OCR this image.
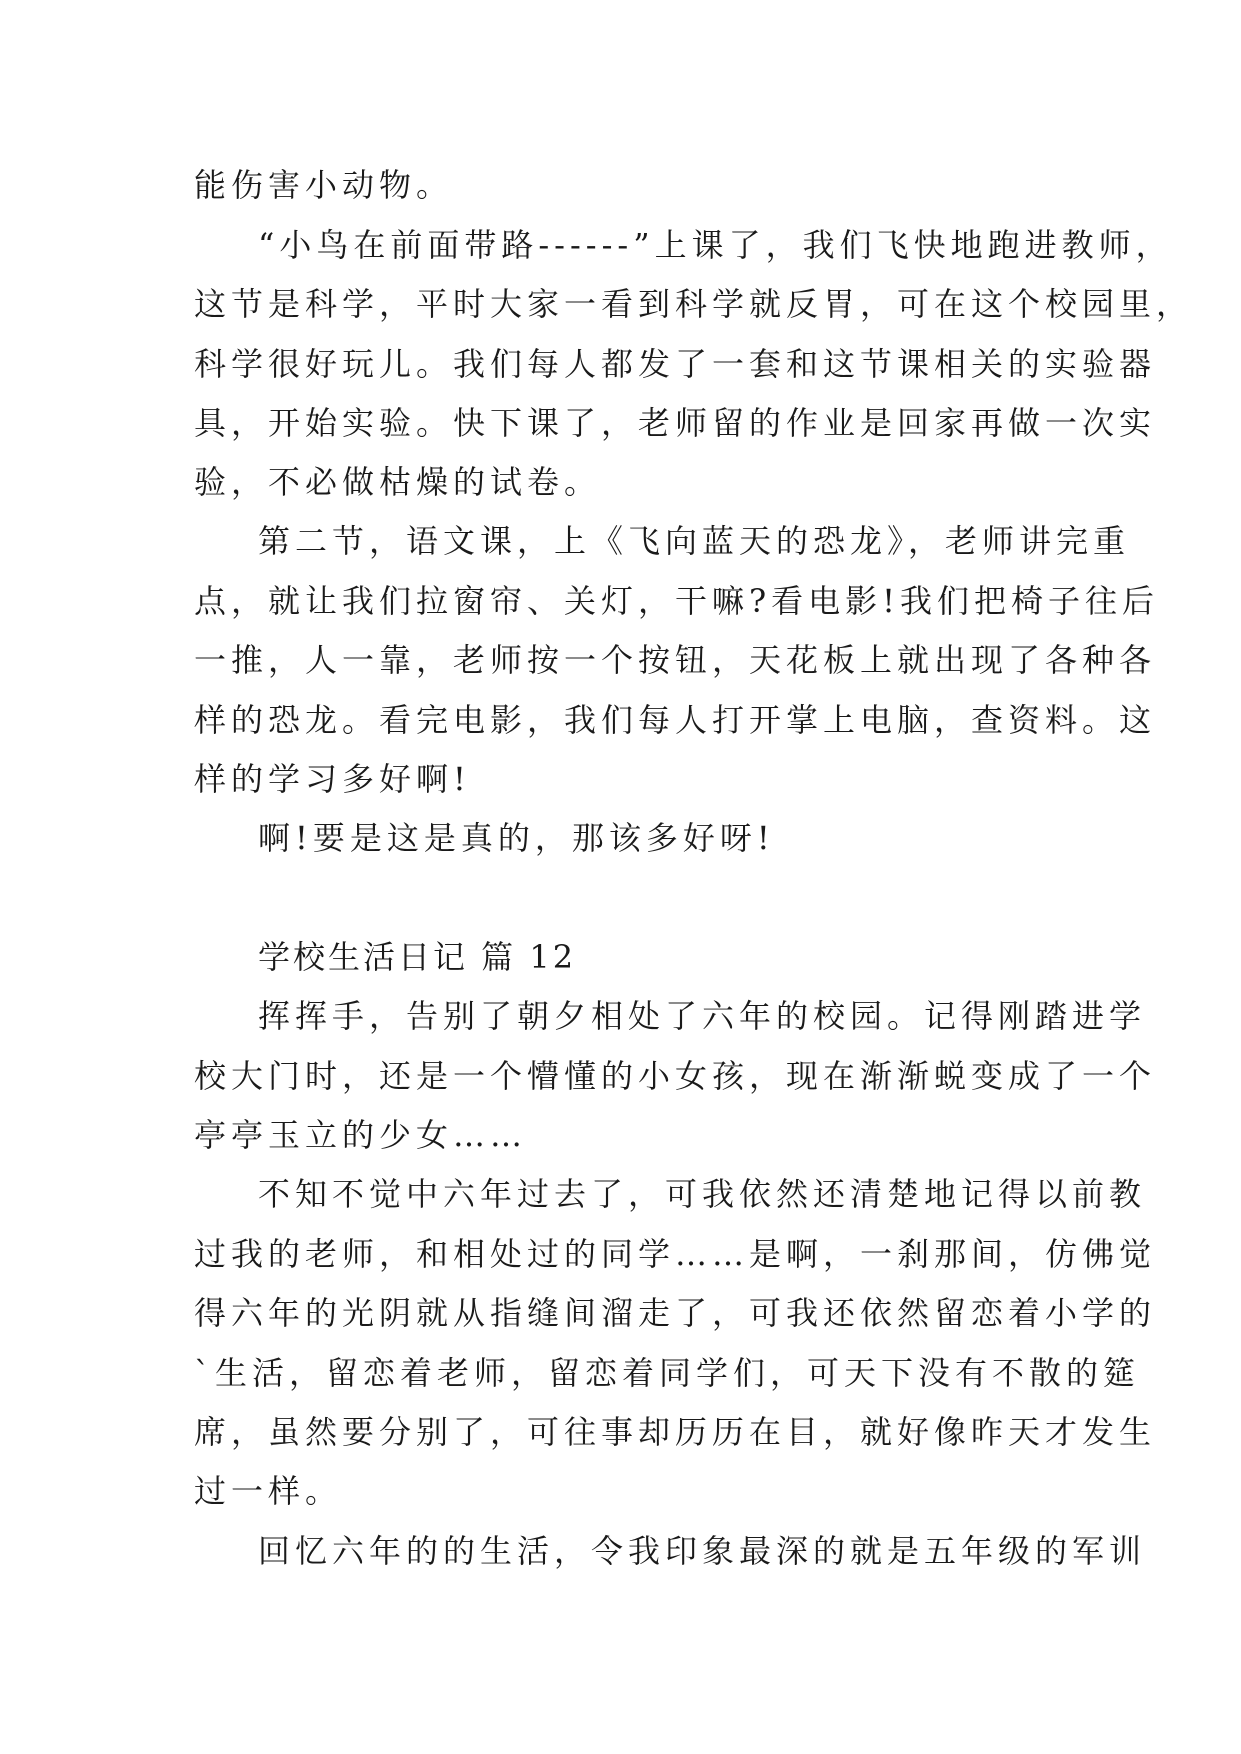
能伤害小动物。
“小鸟在前面带路------”上课了，我们飞快地跑进教师，
这节是科学，平时大家一看到科学就反胃，可在这个校园里，
科学很好玩儿。我们每人都发了一套和这节课相关的实验器
具，开始实验。快下课了，老师留的作业是回家再做一次实
验，不必做枯燥的试卷。
第二节，语文课，上《飞向蓝天的恐龙》，老师讲完重
点，就让我们拉窗帘、关灯，干嘛?看电影!我们把椅子往后
一推，人一靠，老师按一个按钮，天花板上就出现了各种各
样的恐龙。看完电影，我们每人打开掌上电脑，查资料。这
样的学习多好啊!
啊!要是这是真的，那该多好呀!
学校生活日记 篇 12
挥挥手，告别了朝夕相处了六年的校园。记得刚踏进学
校大门时，还是一个懵懂的小女孩，现在渐渐蜕变成了一个
亭亭玉立的少女……
不知不觉中六年过去了，可我依然还清楚地记得以前教
过我的老师，和相处过的同学……是啊，一刹那间，仿佛觉
得六年的光阴就从指缝间溜走了，可我还依然留恋着小学的
`生活，留恋着老师，留恋着同学们，可天下没有不散的筵
席，虽然要分别了，可往事却历历在目，就好像昨天才发生
过一样。
回忆六年的的生活，令我印象最深的就是五年级的军训
